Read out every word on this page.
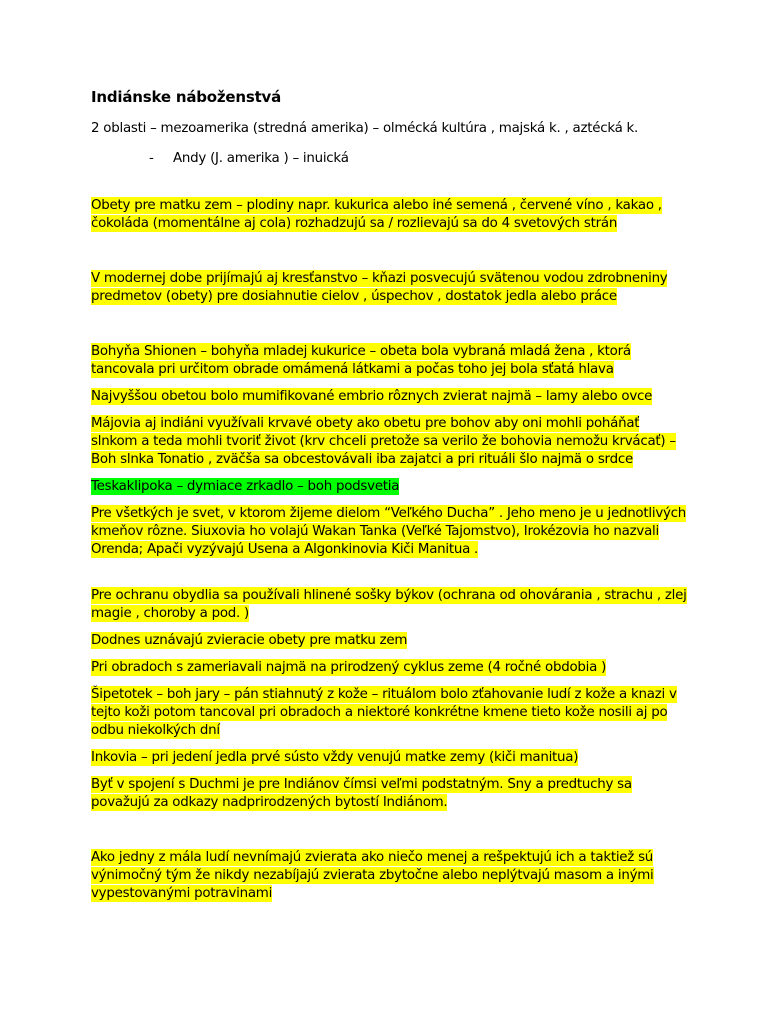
Indiánske náboženstvá

2 oblasti – mezoamerika (stredná amerika) – olmécká kultúra , majská k. , aztécká k.

-	Andy (J. amerika ) – inuická

Obety pre matku zem – plodiny napr. kukurica alebo iné semená , červené víno , kakao , čokoláda (momentálne aj cola) rozhadzujú sa / rozlievajú sa do 4 svetových strán

V modernej dobe prijímajú aj kresťanstvo – kňazi posvecujú svätenou vodou zdrobneniny predmetov (obety) pre dosiahnutie cielov , úspechov , dostatok jedla alebo práce

Bohyňa Shionen – bohyňa mladej kukurice – obeta bola vybraná mladá žena , ktorá tancovala pri určitom obrade omámená látkami a počas toho jej bola sťatá hlava

Najvyššou obetou bolo mumifikované embrio rôznych zvierat najmä – lamy alebo ovce

Májovia aj indiáni využívali krvavé obety ako obetu pre bohov aby oni mohli poháňať slnkom a teda mohli tvoriť život (krv chceli pretože sa verilo že bohovia nemožu krvácať) – Boh slnka Tonatio , zväčša sa obcestovávali iba zajatci a pri rituáli šlo najmä o srdce

Teskaklipoka – dymiace zrkadlo – boh podsvetia

Pre všetkých je svet, v ktorom žijeme dielom “Veľkého Ducha” . Jeho meno je u jednotlivých kmeňov rôzne. Siuxovia ho volajú Wakan Tanka (Veľké Tajomstvo), Irokézovia ho nazvali Orenda; Apači vyzývajú Usena a Algonkinovia Kiči Manitua .

Pre ochranu obydlia sa používali hlinené sošky býkov (ochrana od ohovárania , strachu , zlej magie , choroby a pod. )

Dodnes uznávajú zvieracie obety pre matku zem

Pri obradoch s zameriavali najmä na prirodzený cyklus zeme (4 ročné obdobia )

Šipetotek – boh jary – pán stiahnutý z kože – rituálom bolo zťahovanie ludí z kože a knazi v tejto koži potom tancoval pri obradoch a niektoré konkrétne kmene tieto kože nosili aj po odbu niekolkých dní

Inkovia – pri jedení jedla prvé sústo vždy venujú matke zemy (kiči manitua)

Byť v spojení s Duchmi je pre Indiánov čímsi veľmi podstatným. Sny a predtuchy sa považujú za odkazy nadprirodzených bytostí Indiánom.

Ako jedny z mála ludí nevnímajú zvierata ako niečo menej a rešpektujú ich a taktiež sú výnimočný tým že nikdy nezabíjajú zvierata zbytočne alebo neplýtvajú masom a inými vypestovanými potravinami
